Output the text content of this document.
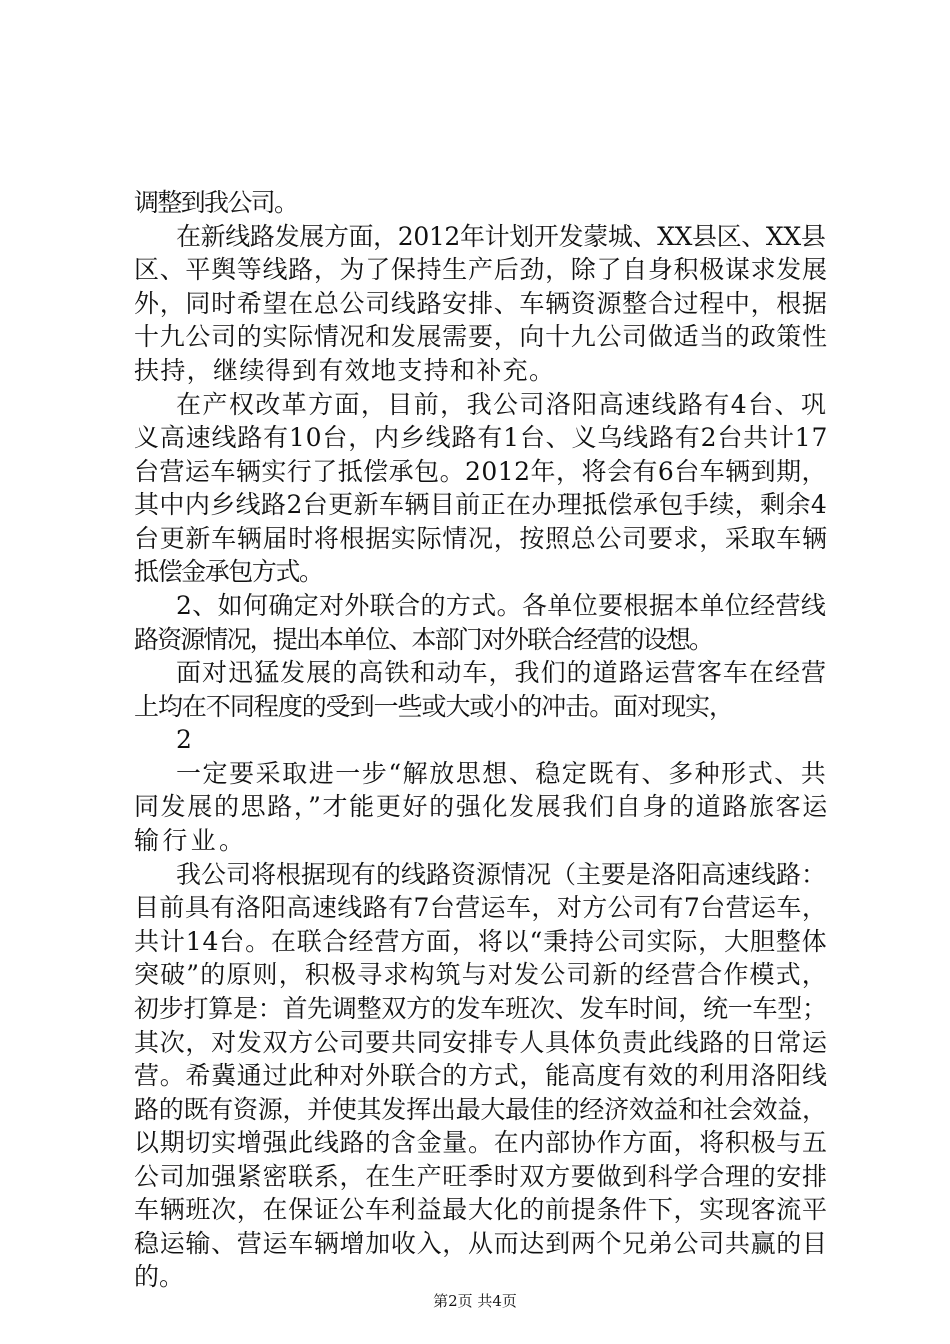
调整到我公司。
在新线路发展方面，2012年计划开发蒙城、XX县区、XX县
区、平舆等线路，为了保持生产后劲，除了自身积极谋求发展
外，同时希望在总公司线路安排、车辆资源整合过程中，根据
十九公司的实际情况和发展需要，向十九公司做适当的政策性
扶持，继续得到有效地支持和补充。
在产权改革方面，目前，我公司洛阳高速线路有4台、巩
义高速线路有10台，内乡线路有1台、义乌线路有2台共计17
台营运车辆实行了抵偿承包。2012年，将会有6台车辆到期，
其中内乡线路2台更新车辆目前正在办理抵偿承包手续，剩余4
台更新车辆届时将根据实际情况，按照总公司要求，采取车辆
抵偿金承包方式。
2、如何确定对外联合的方式。各单位要根据本单位经营线
路资源情况，提出本单位、本部门对外联合经营的设想。
面对迅猛发展的高铁和动车，我们的道路运营客车在经营
上均在不同程度的受到一些或大或小的冲击。面对现实，
2
一定要采取进一步“解放思想、稳定既有、多种形式、共
同发展的思路，”才能更好的强化发展我们自身的道路旅客运
输行业。
我公司将根据现有的线路资源情况（主要是洛阳高速线路：
目前具有洛阳高速线路有7台营运车，对方公司有7台营运车，
共计14台。在联合经营方面，将以“秉持公司实际，大胆整体
突破”的原则，积极寻求构筑与对发公司新的经营合作模式，
初步打算是：首先调整双方的发车班次、发车时间，统一车型；
其次，对发双方公司要共同安排专人具体负责此线路的日常运
营。希冀通过此种对外联合的方式，能高度有效的利用洛阳线
路的既有资源，并使其发挥出最大最佳的经济效益和社会效益，
以期切实增强此线路的含金量。在内部协作方面，将积极与五
公司加强紧密联系，在生产旺季时双方要做到科学合理的安排
车辆班次，在保证公车利益最大化的前提条件下，实现客流平
稳运输、营运车辆增加收入，从而达到两个兄弟公司共赢的目
的。
第2页 共4页
